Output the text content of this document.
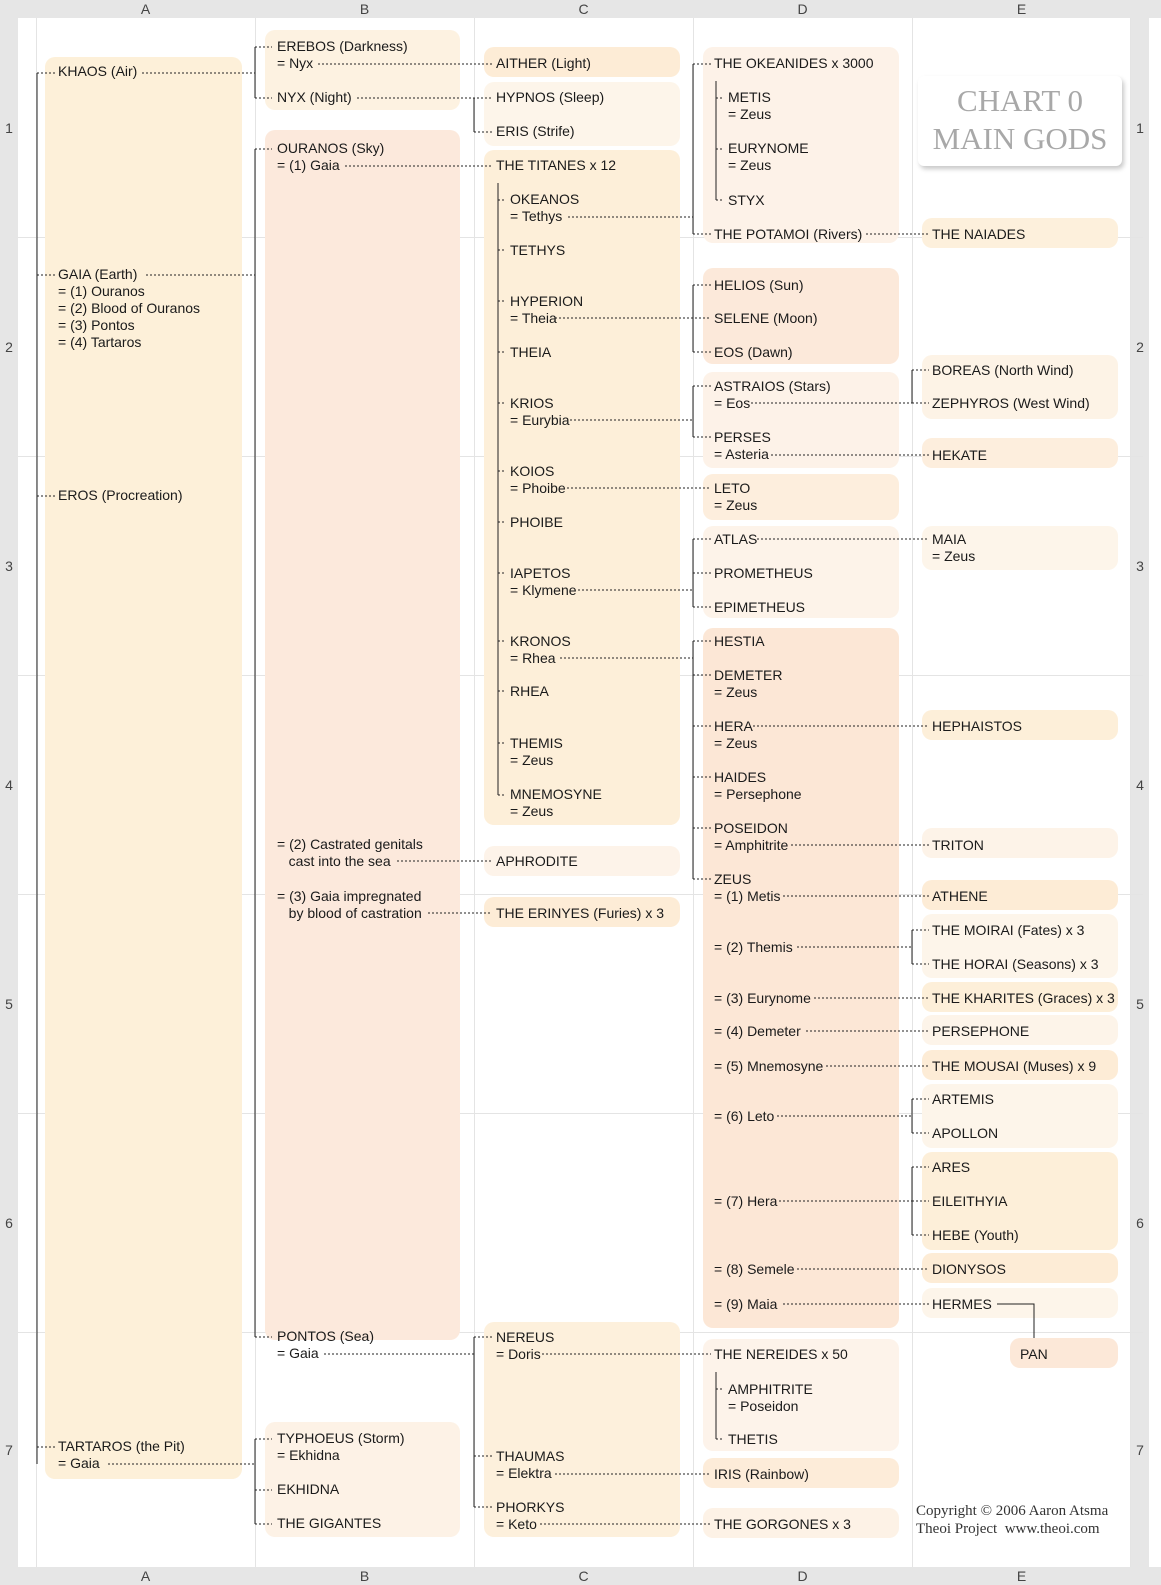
A	B	C	D	E
A	B	C	D	E
1
2
3
4
5
6
7
1
2
3
4
5
6
7
CHART 0
MAIN GODS
KHAOS (Air)
GAIA (Earth)
= (1) Ouranos
= (2) Blood of Ouranos
= (3) Pontos
= (4) Tartaros
EROS (Procreation)
TARTAROS (the Pit)
= Gaia
EREBOS (Darkness)
= Nyx
NYX (Night)
OURANOS (Sky)
= (1) Gaia
= (2) Castrated genitals
cast into the sea
= (3) Gaia impregnated
by blood of castration
PONTOS (Sea)
= Gaia
TYPHOEUS (Storm)
= Ekhidna
EKHIDNA
THE GIGANTES
AITHER (Light)
HYPNOS (Sleep)
ERIS (Strife)
THE TITANES x 12
OKEANOS
= Tethys
TETHYS
HYPERION
= Theia
THEIA
KRIOS
= Eurybia
KOIOS
= Phoibe
PHOIBE
IAPETOS
= Klymene
KRONOS
= Rhea
RHEA
THEMIS
= Zeus
MNEMOSYNE
= Zeus
APHRODITE
THE ERINYES (Furies) x 3
NEREUS
= Doris
THAUMAS
= Elektra
PHORKYS
= Keto
THE OKEANIDES x 3000
METIS
= Zeus
EURYNOME
= Zeus
STYX
THE POTAMOI (Rivers)
HELIOS (Sun)
SELENE (Moon)
EOS (Dawn)
ASTRAIOS (Stars)
= Eos
PERSES
= Asteria
LETO
= Zeus
ATLAS
PROMETHEUS
EPIMETHEUS
HESTIA
DEMETER
= Zeus
HERA
= Zeus
HAIDES
= Persephone
POSEIDON
= Amphitrite
ZEUS
= (1) Metis
= (2) Themis
= (3) Eurynome
= (4) Demeter
= (5) Mnemosyne
= (6) Leto
= (7) Hera
= (8) Semele
= (9) Maia
THE NEREIDES x 50
AMPHITRITE
= Poseidon
THETIS
IRIS (Rainbow)
THE GORGONES x 3
THE NAIADES
BOREAS (North Wind)
ZEPHYROS (West Wind)
HEKATE
MAIA
= Zeus
HEPHAISTOS
TRITON
ATHENE
THE MOIRAI (Fates) x 3
THE HORAI (Seasons) x 3
THE KHARITES (Graces) x 3
PERSEPHONE
THE MOUSAI (Muses) x 9
ARTEMIS
APOLLON
ARES
EILEITHYIA
HEBE (Youth)
DIONYSOS
HERMES
PAN
Copyright © 2006 Aaron Atsma
Theoi Project  www.theoi.com
